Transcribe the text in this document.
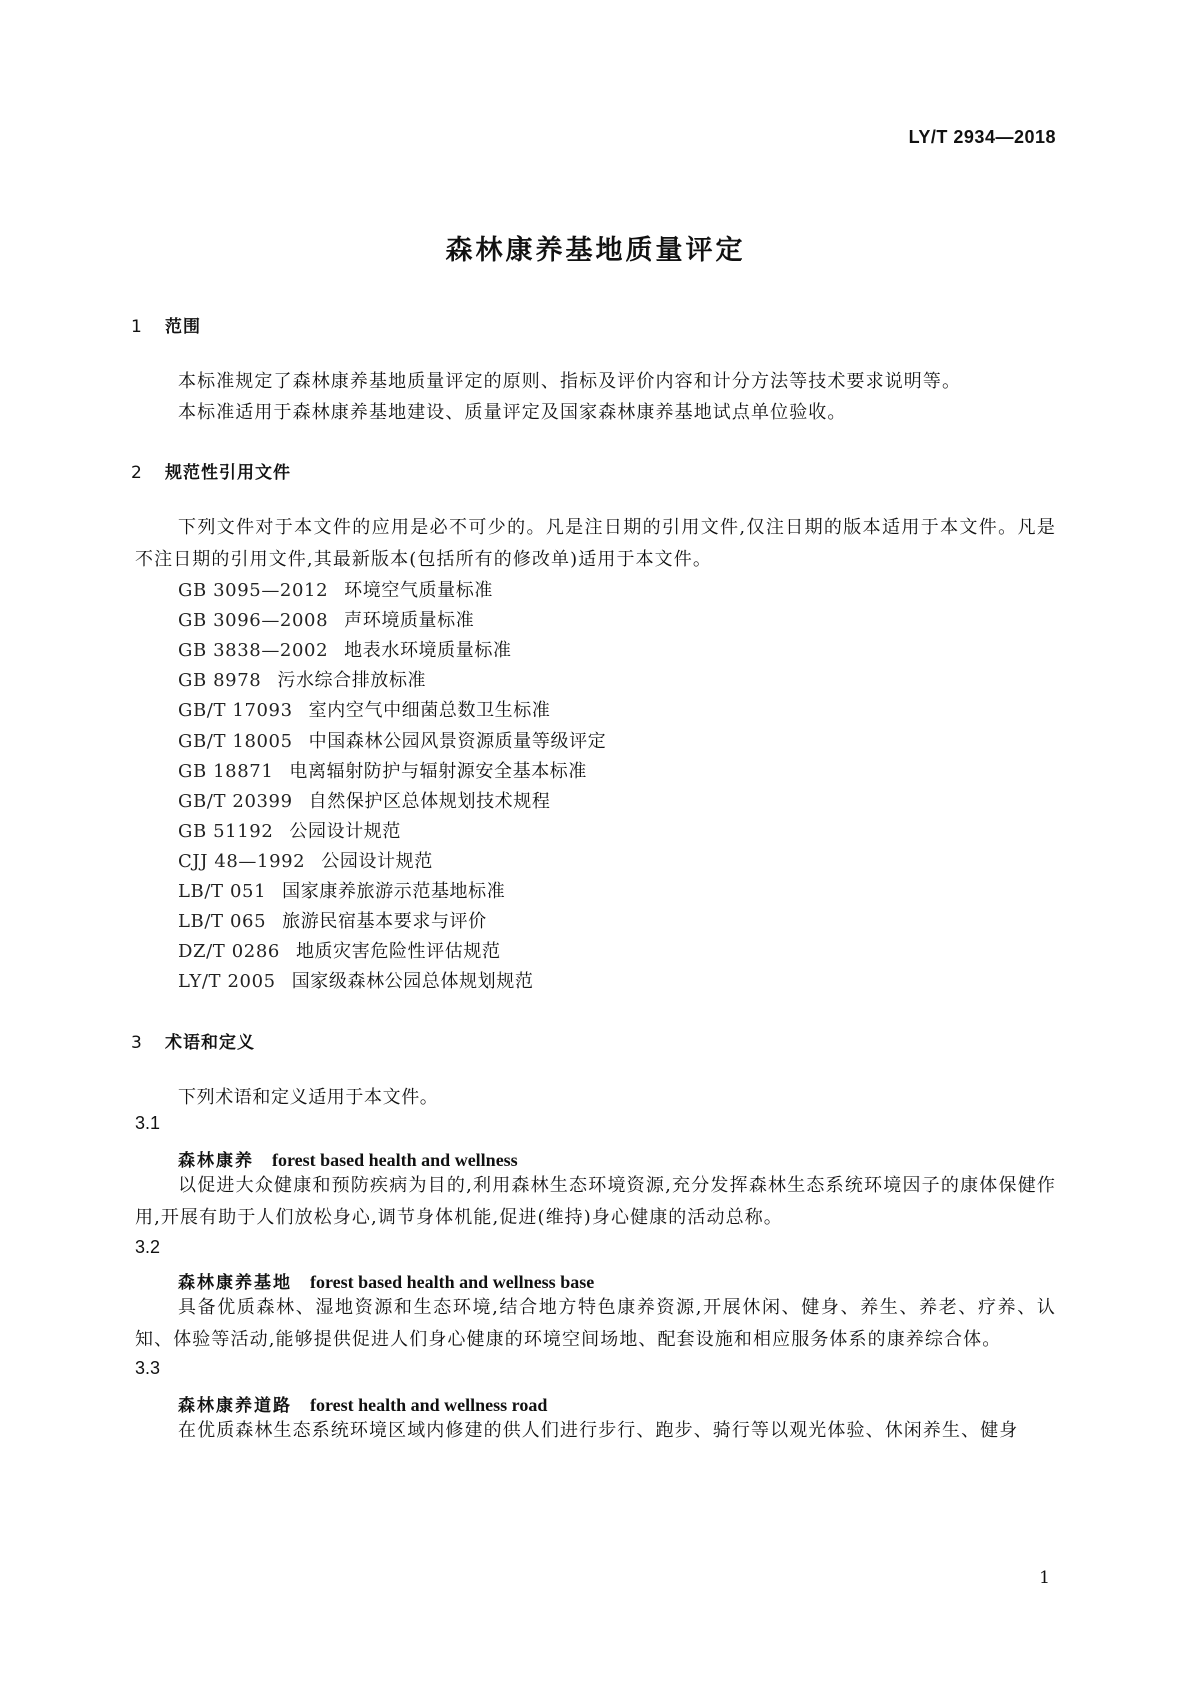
LY/T 2934—2018
森林康养基地质量评定
1 范围
本标准规定了森林康养基地质量评定的原则、指标及评价内容和计分方法等技术要求说明等。
本标准适用于森林康养基地建设、质量评定及国家森林康养基地试点单位验收。
2 规范性引用文件
下列文件对于本文件的应用是必不可少的。凡是注日期的引用文件,仅注日期的版本适用于本文件。凡是不注日期的引用文件,其最新版本(包括所有的修改单)适用于本文件。
GB 3095—2012 环境空气质量标准
GB 3096—2008 声环境质量标准
GB 3838—2002 地表水环境质量标准
GB 8978 污水综合排放标准
GB/T 17093 室内空气中细菌总数卫生标准
GB/T 18005 中国森林公园风景资源质量等级评定
GB 18871 电离辐射防护与辐射源安全基本标准
GB/T 20399 自然保护区总体规划技术规程
GB 51192 公园设计规范
CJJ 48—1992 公园设计规范
LB/T 051 国家康养旅游示范基地标准
LB/T 065 旅游民宿基本要求与评价
DZ/T 0286 地质灾害危险性评估规范
LY/T 2005 国家级森林公园总体规划规范
3 术语和定义
下列术语和定义适用于本文件。
3.1
森林康养 forest based health and wellness
以促进大众健康和预防疾病为目的,利用森林生态环境资源,充分发挥森林生态系统环境因子的康体保健作用,开展有助于人们放松身心,调节身体机能,促进(维持)身心健康的活动总称。
3.2
森林康养基地 forest based health and wellness base
具备优质森林、湿地资源和生态环境,结合地方特色康养资源,开展休闲、健身、养生、养老、疗养、认知、体验等活动,能够提供促进人们身心健康的环境空间场地、配套设施和相应服务体系的康养综合体。
3.3
森林康养道路 forest health and wellness road
在优质森林生态系统环境区域内修建的供人们进行步行、跑步、骑行等以观光体验、休闲养生、健身
1
